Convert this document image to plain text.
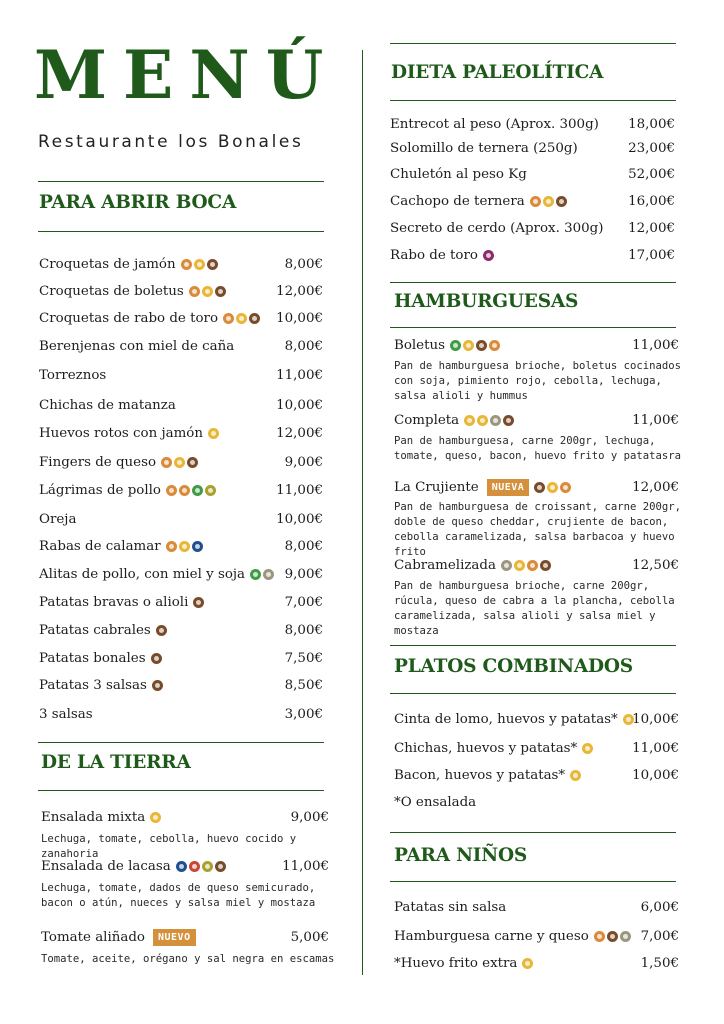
MENÚ
Restaurante los Bonales
PARA ABRIR BOCA
Croquetas de jamón	8,00€
Croquetas de boletus	12,00€
Croquetas de rabo de toro	10,00€
Berenjenas con miel de caña	8,00€
Torreznos	11,00€
Chichas de matanza	10,00€
Huevos rotos con jamón	12,00€
Fingers de queso	9,00€
Lágrimas de pollo	11,00€
Oreja	10,00€
Rabas de calamar	8,00€
Alitas de pollo, con miel y soja	9,00€
Patatas bravas o alioli	7,00€
Patatas cabrales	8,00€
Patatas bonales	7,50€
Patatas 3 salsas	8,50€
3 salsas	3,00€
DE LA TIERRA
Ensalada mixta	9,00€
Lechuga, tomate, cebolla, huevo cocido y zanahoria
Ensalada de lacasa	11,00€
Lechuga, tomate, dados de queso semicurado, bacon o atún, nueces y salsa miel y mostaza
Tomate aliñado	NUEVO	5,00€
Tomate, aceite, orégano y sal negra en escamas
DIETA PALEOLÍTICA
Entrecot al peso (Aprox. 300g) 18,00€
Solomillo de ternera (250g)	23,00€
Chuletón al peso Kg	52,00€
Cachopo de ternera	16,00€
Secreto de cerdo (Aprox. 300g) 12,00€
Rabo de toro	17,00€
HAMBURGUESAS
Boletus	11,00€
Pan de hamburguesa brioche, boletus cocinados con soja, pimiento rojo, cebolla, lechuga, salsa alioli y hummus
Completa	11,00€
Pan de hamburguesa, carne 200gr, lechuga, tomate, queso, bacon, huevo frito y patatasra
La Crujiente	NUEVA	12,00€
Pan de hamburguesa de croissant, carne 200gr, doble de queso cheddar, crujiente de bacon, cebolla caramelizada, salsa barbacoa y huevo frito
Cabramelizada	12,50€
Pan de hamburguesa brioche, carne 200gr, rúcula, queso de cabra a la plancha, cebolla caramelizada, salsa alioli y salsa miel y mostaza
PLATOS COMBINADOS
Cinta de lomo, huevos y patatas* 10,00€
Chichas, huevos y patatas*	11,00€
Bacon, huevos y patatas*	10,00€
*O ensalada
PARA NIÑOS
Patatas sin salsa	6,00€
Hamburguesa carne y queso	7,00€
*Huevo frito extra	1,50€
